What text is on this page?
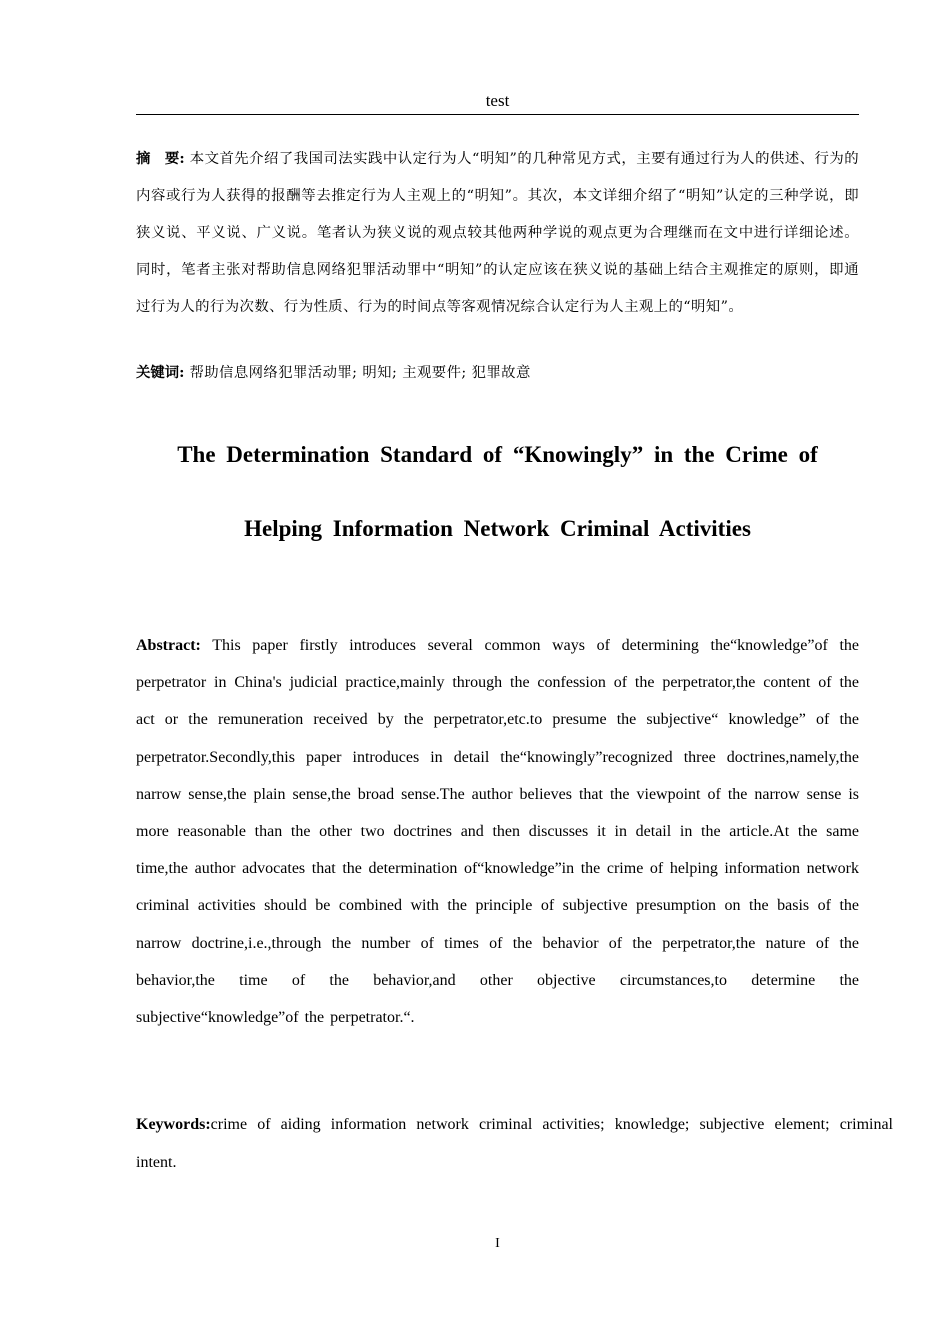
test
摘　要: 本文首先介绍了我国司法实践中认定行为人“明知”的几种常见方式，主要有通过行为人的供述、行为的内容或行为人获得的报酬等去推定行为人主观上的“明知”。其次，本文详细介绍了“明知”认定的三种学说，即狭义说、平义说、广义说。笔者认为狭义说的观点较其他两种学说的观点更为合理继而在文中进行详细论述。同时，笔者主张对帮助信息网络犯罪活动罪中“明知”的认定应该在狭义说的基础上结合主观推定的原则，即通过行为人的行为次数、行为性质、行为的时间点等客观情况综合认定行为人主观上的“明知”。
关键词: 帮助信息网络犯罪活动罪; 明知; 主观要件; 犯罪故意
The Determination Standard of “Knowingly” in the Crime of
Helping Information Network Criminal Activities
Abstract: This paper firstly introduces several common ways of determining the“knowledge”of the perpetrator in China's judicial practice,mainly through the confession of the perpetrator,the content of the act or the remuneration received by the perpetrator,etc.to presume the subjective“ knowledge” of the perpetrator.Secondly,this paper introduces in detail the“knowingly”recognized three doctrines,namely,the narrow sense,the plain sense,the broad sense.The author believes that the viewpoint of the narrow sense is more reasonable than the other two doctrines and then discusses it in detail in the article.At the same time,the author advocates that the determination of“knowledge”in the crime of helping information network criminal activities should be combined with the principle of subjective presumption on the basis of the narrow doctrine,i.e.,through the number of times of the behavior of the perpetrator,the nature of the behavior,the time of the behavior,and other objective circumstances,to determine the subjective“knowledge”of the perpetrator.“.
Keywords:crime of aiding information network criminal activities; knowledge; subjective element; criminal intent.
I
